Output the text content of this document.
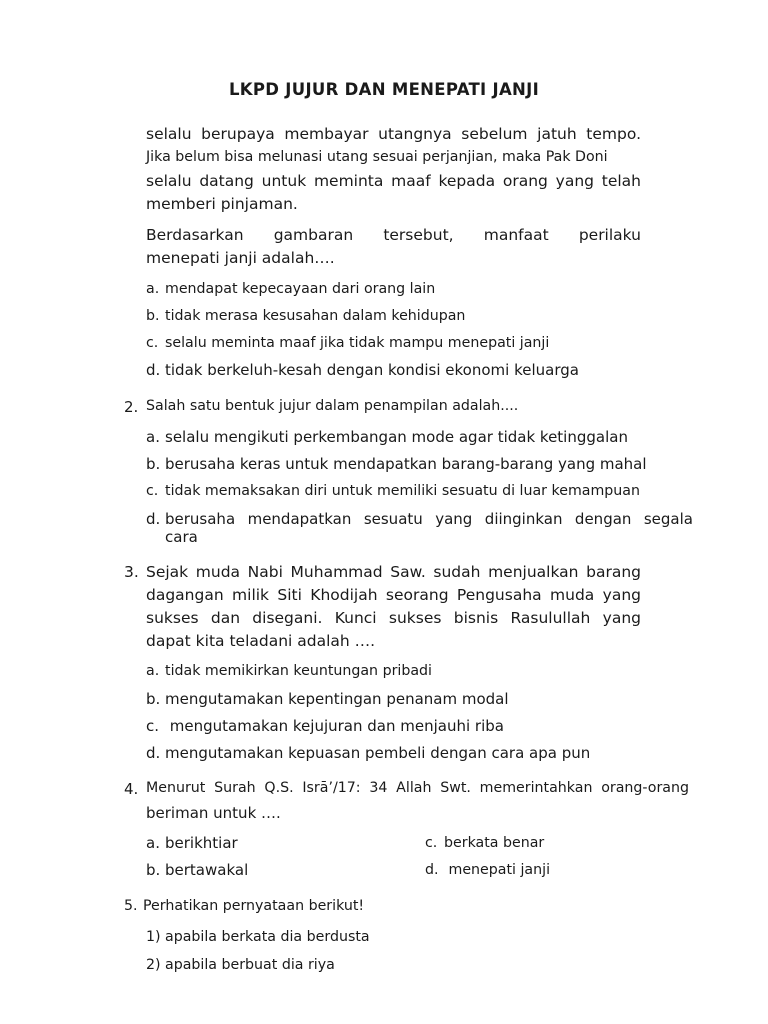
LKPD JUJUR DAN MENEPATI JANJI
selalu berupaya membayar utangnya sebelum jatuh tempo.
Jika belum bisa melunasi utang sesuai perjanjian, maka Pak Doni
selalu datang untuk meminta maaf kepada orang yang telah
memberi pinjaman.
Berdasarkan gambaran tersebut, manfaat perilaku
menepati janji adalah….
a. mendapat kepecayaan dari orang lain
b. tidak merasa kesusahan dalam kehidupan
c. selalu meminta maaf jika tidak mampu menepati janji
d. tidak berkeluh-kesah dengan kondisi ekonomi keluarga
2. Salah satu bentuk jujur dalam penampilan adalah....
a. selalu mengikuti perkembangan mode agar tidak ketinggalan
b. berusaha keras untuk mendapatkan barang-barang yang mahal
c. tidak memaksakan diri untuk memiliki sesuatu di luar kemampuan
d. berusaha mendapatkan sesuatu yang diinginkan dengan segala
cara
3. Sejak muda Nabi Muhammad Saw. sudah menjualkan barang
dagangan milik Siti Khodijah seorang Pengusaha muda yang
sukses dan disegani. Kunci sukses bisnis Rasulullah yang
dapat kita teladani adalah ….
a. tidak memikirkan keuntungan pribadi
b. mengutamakan kepentingan penanam modal
c. mengutamakan kejujuran dan menjauhi riba
d. mengutamakan kepuasan pembeli dengan cara apa pun
4. Menurut Surah Q.S. Isrā’/17: 34 Allah Swt. memerintahkan orang-orang
beriman untuk ….
a. berikhtiar
b. bertawakal
c. berkata benar
d. menepati janji
5. Perhatikan pernyataan berikut!
1) apabila berkata dia berdusta
2) apabila berbuat dia riya
